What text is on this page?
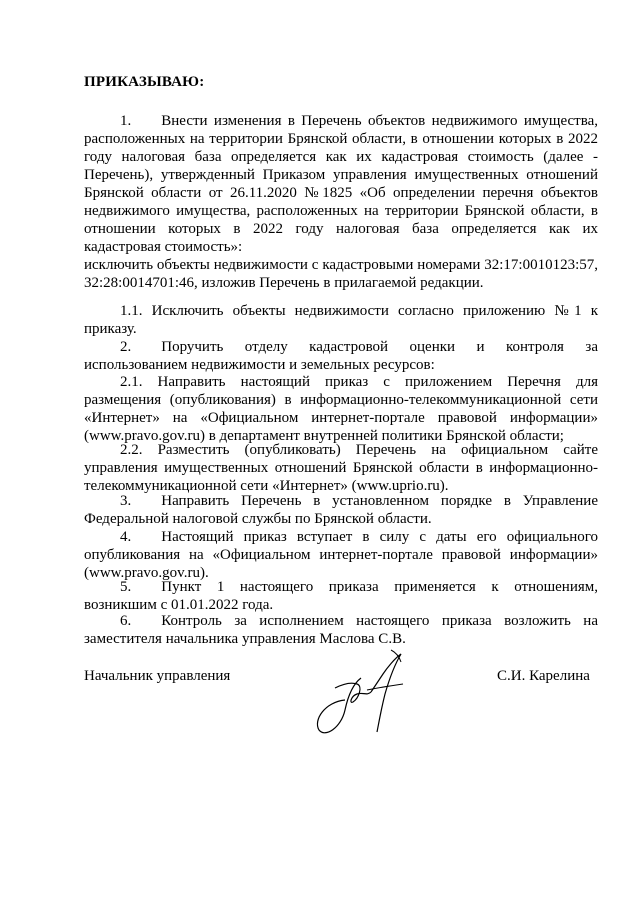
ПРИКАЗЫВАЮ:
1.  Внести изменения в Перечень объектов недвижимого имущества, расположенных на территории Брянской области, в отношении которых в 2022 году налоговая база определяется как их кадастровая стоимость (далее - Перечень), утвержденный Приказом управления имущественных отношений Брянской области от 26.11.2020 №1825 «Об определении перечня объектов недвижимого имущества, расположенных на территории Брянской области, в отношении которых в 2022 году налоговая база определяется как их кадастровая стоимость»:
исключить объекты недвижимости с кадастровыми номерами 32:17:0010123:57, 32:28:0014701:46, изложив Перечень в прилагаемой редакции.
1.1. Исключить объекты недвижимости согласно приложению №1 к приказу.
2.  Поручить отделу кадастровой оценки и контроля за использованием недвижимости и земельных ресурсов:
2.1. Направить настоящий приказ с приложением Перечня для размещения (опубликования) в информационно-телекоммуникационной сети «Интернет» на «Официальном интернет-портале правовой информации» (www.pravo.gov.ru) в департамент внутренней политики Брянской области;
2.2. Разместить (опубликовать) Перечень на официальном сайте управления имущественных отношений Брянской области в информационно-телекоммуникационной сети «Интернет» (www.uprio.ru).
3.  Направить Перечень в установленном порядке в Управление Федеральной налоговой службы по Брянской области.
4.  Настоящий приказ вступает в силу с даты его официального опубликования на «Официальном интернет-портале правовой информации» (www.pravo.gov.ru).
5.  Пункт 1 настоящего приказа применяется к отношениям, возникшим с 01.01.2022 года.
6.  Контроль за исполнением настоящего приказа возложить на заместителя начальника управления Маслова С.В.
Начальник управления	С.И. Карелина
